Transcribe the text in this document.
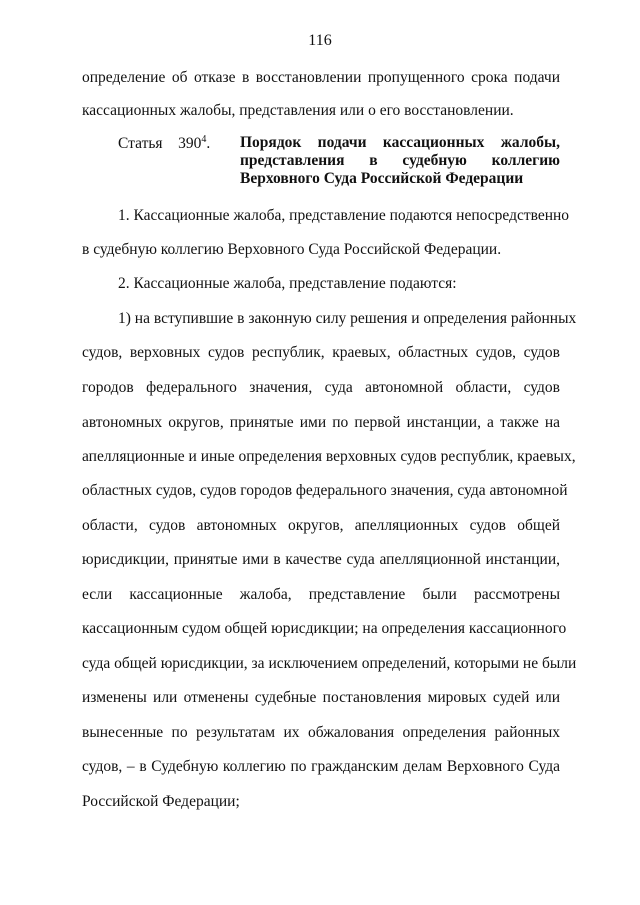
116
определение об отказе в восстановлении пропущенного срока подачи
кассационных жалобы, представления или о его восстановлении.
Статья $390^4$. Порядок подачи кассационных жалобы,
представления в судебную коллегию
Верховного Суда Российской Федерации
1. Кассационные жалоба, представление подаются непосредственно
в судебную коллегию Верховного Суда Российской Федерации.
2. Кассационные жалоба, представление подаются:
1) на вступившие в законную силу решения и определения районных
судов, верховных судов республик, краевых, областных судов, судов
городов федерального значения, суда автономной области, судов
автономных округов, принятые ими по первой инстанции, а также на
апелляционные и иные определения верховных судов республик, краевых,
областных судов, судов городов федерального значения, суда автономной
области, судов автономных округов, апелляционных судов общей
юрисдикции, принятые ими в качестве суда апелляционной инстанции,
если кассационные жалоба, представление были рассмотрены
кассационным судом общей юрисдикции; на определения кассационного
суда общей юрисдикции, за исключением определений, которыми не были
изменены или отменены судебные постановления мировых судей или
вынесенные по результатам их обжалования определения районных
судов, – в Судебную коллегию по гражданским делам Верховного Суда
Российской Федерации;
